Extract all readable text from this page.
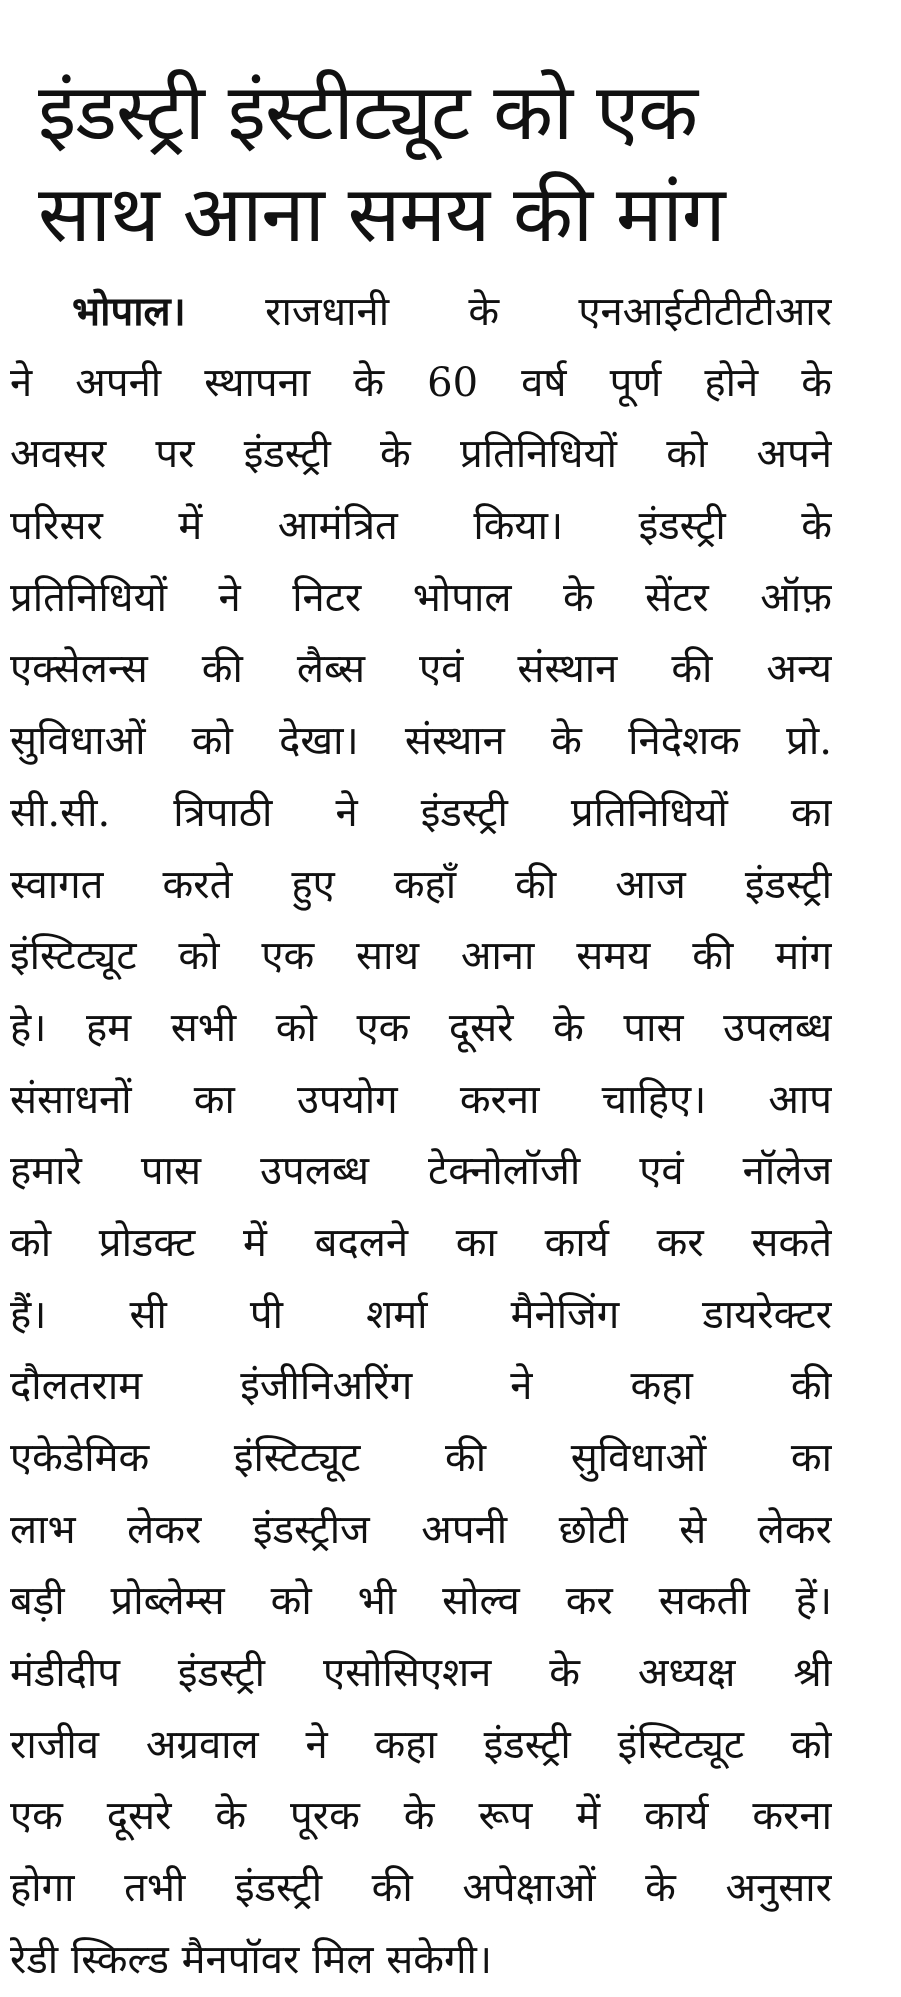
इंडस्ट्री इंस्टीट्यूट को एक
साथ आना समय की मांग
भोपाल। राजधानी के एनआईटीटीटीआर
ने अपनी स्थापना के 60 वर्ष पूर्ण होने के
अवसर पर इंडस्ट्री के प्रतिनिधियों को अपने
परिसर में आमंत्रित किया। इंडस्ट्री के
प्रतिनिधियों ने निटर भोपाल के सेंटर ऑफ़
एक्सेलन्स की लैब्स एवं संस्थान की अन्य
सुविधाओं को देखा। संस्थान के निदेशक प्रो.
सी.सी. त्रिपाठी ने इंडस्ट्री प्रतिनिधियों का
स्वागत करते हुए कहाँ की आज इंडस्ट्री
इंस्टिट्यूट को एक साथ आना समय की मांग
हे। हम सभी को एक दूसरे के पास उपलब्ध
संसाधनों का उपयोग करना चाहिए। आप
हमारे पास उपलब्ध टेक्नोलॉजी एवं नॉलेज
को प्रोडक्ट में बदलने का कार्य कर सकते
हैं। सी पी शर्मा मैनेजिंग डायरेक्टर
दौलतराम इंजीनिअरिंग ने कहा की
एकेडेमिक इंस्टिट्यूट की सुविधाओं का
लाभ लेकर इंडस्ट्रीज अपनी छोटी से लेकर
बड़ी प्रोब्लेम्स को भी सोल्व कर सकती हें।
मंडीदीप इंडस्ट्री एसोसिएशन के अध्यक्ष श्री
राजीव अग्रवाल ने कहा इंडस्ट्री इंस्टिट्यूट को
एक दूसरे के पूरक के रूप में कार्य करना
होगा तभी इंडस्ट्री की अपेक्षाओं के अनुसार
रेडी स्किल्ड मैनपॉवर मिल सकेगी।
